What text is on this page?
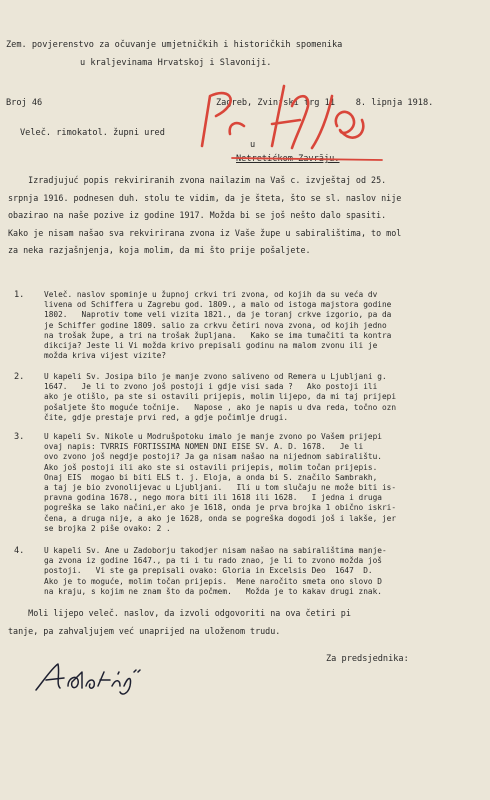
Zem. povjerenstvo za očuvanje umjetničkih i historičkih spomenika
u kraljevinama Hrvatskoj i Slavoniji.
Broj 46	Zagreb, Zvinjski trg 11    8. lipnja 1918.
Veleč. rimokatol. župni ured
u
Netretićkom Zavrāju.
Izradjujuć popis rekviriranih zvona nailazim na Vaš c. izvještaj od 25.
srpnja 1916. podnesen duh. stolu te vidim, da je šteta, što se sl. naslov nije
obazirao na naše pozive iz godine 1917. Možda bi se još nešto dalo spasiti.
Kako je nisam našao sva rekvirirana zvona iz Vaše župe u sabiralištima, to mol
za neka razjašnjenja, koja molim, da mi što prije pošaljete.
1.	Veleč. naslov spominje u župnoj crkvi tri zvona, od kojih da su veća dv
livena od Schiffera u Zagrebu god. 1809., a malo od istoga majstora godine
1802.   Naprotiv tome veli vizita 1821., da je toranj crkve izgorio, pa da
je Schiffer godine 1809. salio za crkvu četiri nova zvona, od kojih jedno
na trošak župe, a tri na trošak župljana.   Kako se ima tumačiti ta kontra
dikcija? Jeste li Vi možda krivo prepisali godinu na malom zvonu ili je
možda kriva vijest vizite?
2.	U kapeli Sv. Josipa bilo je manje zvono saliveno od Remera u Ljubljani g.
1647.   Je li to zvono još postoji i gdje visi sada ?   Ako postoji ili
ako je otišlo, pa ste si ostavili prijepis, molim lijepo, da mi taj prijepi
pošaljete što moguće točnije.   Napose , ako je napis u dva reda, točno ozn
čite, gdje prestaje prvi red, a gdje počimlje drugi.
3.	U kapeli Sv. Nikole u Modrušpotoku imalo je manje zvono po Vašem prijepi
ovaj napis: TVRRIS FORTISSIMA NOMEN DNI EISE SV. A. D. 1678.   Je li
ovo zvono još negdje postoji? Ja ga nisam našao na nijednom sabiralištu.
Ako još postoji ili ako ste si ostavili prijepis, molim točan prijepis.
Onaj EIS  mogao bi biti ELS t. j. Eloja, a onda bi S. značilo Sambrakh,
a taj je bio zvonolijevac u Ljubljani.   Ili u tom slučaju ne može biti is-
pravna godina 1678., nego mora biti ili 1618 ili 1628.   I jedna i druga
pogreška se lako načini,er ako je 1618, onda je prva brojka 1 obično iskri-
čena, a druga nije, a ako je 1628, onda se pogreška dogodi još i lakše, jer
se brojka 2 piše ovako: 2 .
4.	U kapeli Sv. Ane u Zadoborju takodjer nisam našao na sabiralištima manje-
ga zvona iz godine 1647., pa ti i tu rado znao, je li to zvono možda još
postoji.   Vi ste ga prepisali ovako: Gloria in Excelsis Deo  1647  D.
Ako je to moguće, molim točan prijepis.  Mene naročito smeta ono slovo D
na kraju, s kojim ne znam što da počmem.   Možda je to kakav drugi znak.
Moli lijepo veleč. naslov, da izvoli odgovoriti na ova četiri pi
tanje, pa zahvaljujem već unaprijed na uloženom trudu.
Za predsjednika:
